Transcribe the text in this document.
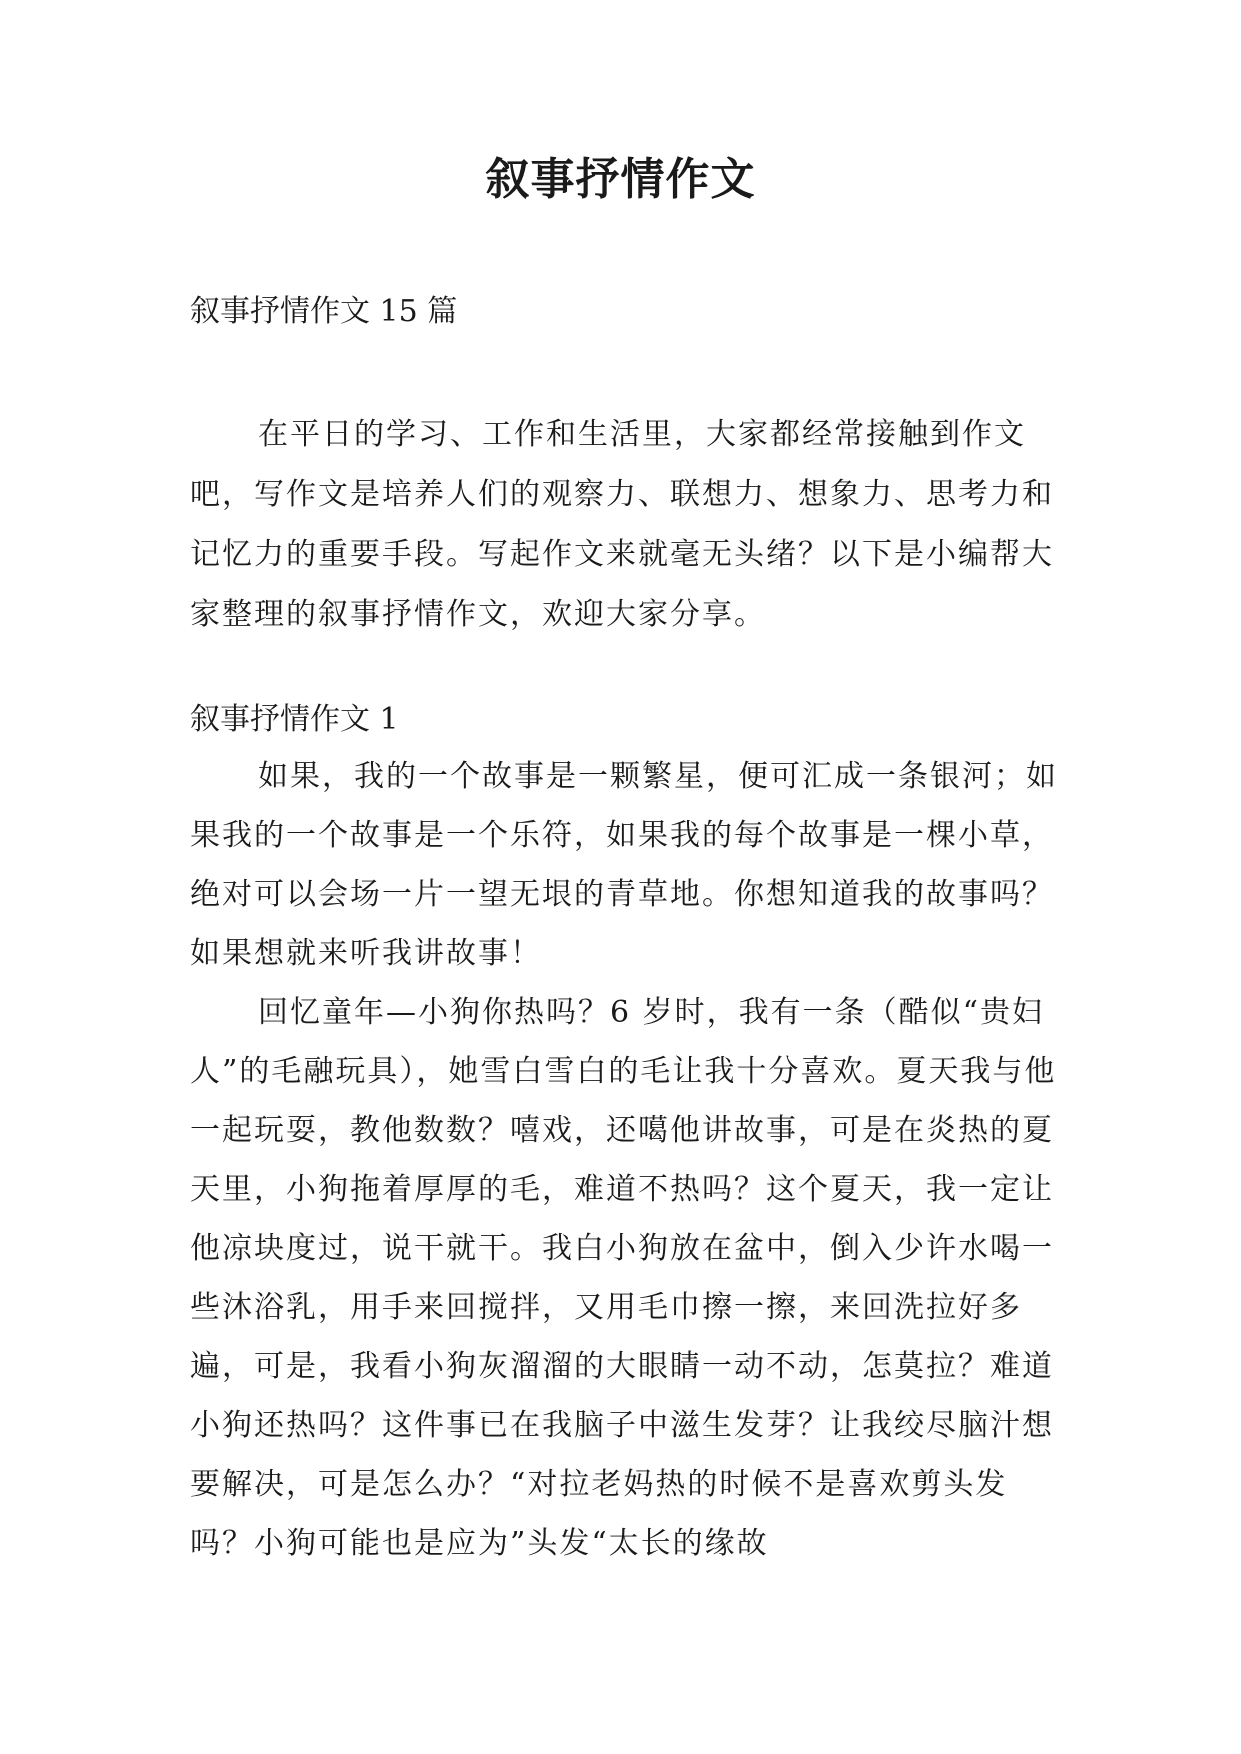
叙事抒情作文
叙事抒情作文 15 篇

在平日的学习、工作和生活里，大家都经常接触到作文吧，写作文是培养人们的观察力、联想力、想象力、思考力和记忆力的重要手段。写起作文来就毫无头绪？以下是小编帮大家整理的叙事抒情作文，欢迎大家分享。

叙事抒情作文 1

如果，我的一个故事是一颗繁星，便可汇成一条银河；如果我的一个故事是一个乐符，如果我的每个故事是一棵小草，绝对可以会场一片一望无垠的青草地。你想知道我的故事吗？如果想就来听我讲故事！

回忆童年—小狗你热吗？6 岁时，我有一条（酷似“贵妇人”的毛融玩具），她雪白雪白的毛让我十分喜欢。夏天我与他一起玩耍，教他数数？嘻戏，还噶他讲故事，可是在炎热的夏天里，小狗拖着厚厚的毛，难道不热吗？这个夏天，我一定让他凉块度过，说干就干。我白小狗放在盆中，倒入少许水喝一些沐浴乳，用手来回搅拌，又用毛巾擦一擦，来回洗拉好多遍，可是，我看小狗灰溜溜的大眼睛一动不动，怎莫拉？难道小狗还热吗？这件事已在我脑子中滋生发芽？让我绞尽脑汁想要解决，可是怎么办？“对拉老妈热的时候不是喜欢剪头发吗？小狗可能也是应为”头发“太长的缘故
